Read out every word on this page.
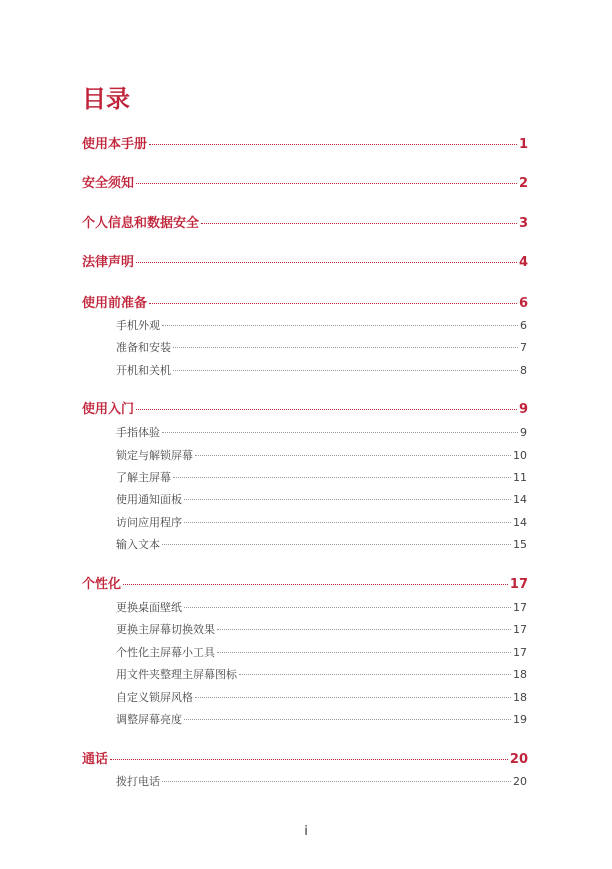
目录
使用本手册	1
安全须知	2
个人信息和数据安全	3
法律声明	4
使用前准备	6
手机外观	6
准备和安装	7
开机和关机	8
使用入门	9
手指体验	9
锁定与解锁屏幕	10
了解主屏幕	11
使用通知面板	14
访问应用程序	14
输入文本	15
个性化	17
更换桌面壁纸	17
更换主屏幕切换效果	17
个性化主屏幕小工具	17
用文件夹整理主屏幕图标	18
自定义锁屏风格	18
调整屏幕亮度	19
通话	20
拨打电话	20
i
